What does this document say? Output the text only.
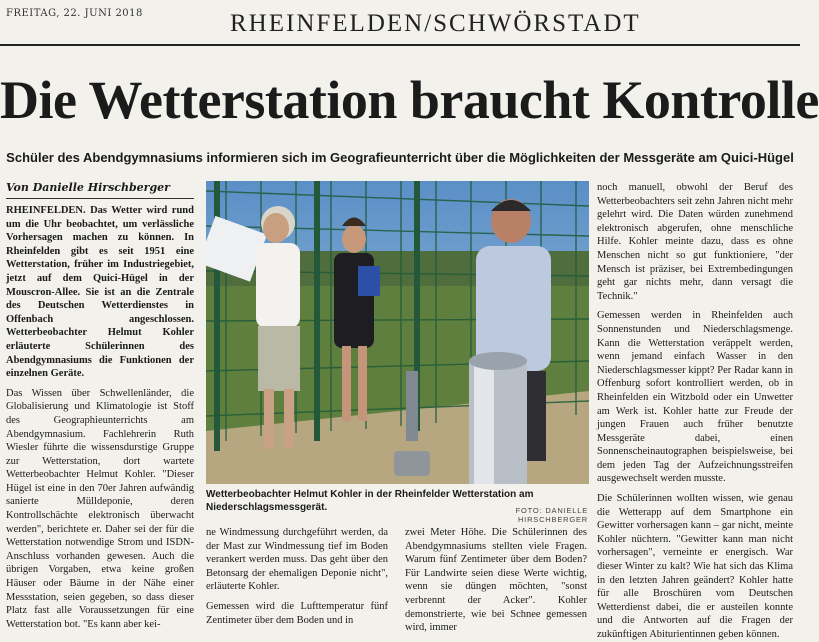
FREITAG, 22. JUNI 2018	RHEINFELDEN/SCHWÖRSTADT
Die Wetterstation braucht Kontrolle
Schüler des Abendgymnasiums informieren sich im Geografieunterricht über die Möglichkeiten der Messgeräte am Quici-Hügel
Von Danielle Hirschberger

RHEINFELDEN. Das Wetter wird rund um die Uhr beobachtet, um verlässliche Vorhersagen machen zu können. In Rheinfelden gibt es seit 1951 eine Wetterstation, früher im Industriegebiet, jetzt auf dem Quici-Hügel in der Mouscron-Allee. Sie ist an die Zentrale des Deutschen Wetterdienstes in Offenbach angeschlossen. Wetterbeobachter Helmut Kohler erläuterte Schülerinnen des Abendgymnasiums die Funktionen der einzelnen Geräte.

Das Wissen über Schwellenländer, die Globalisierung und Klimatologie ist Stoff des Geographieunterrichts am Abendgymnasium. Fachlehrerin Ruth Wiesler führte die wissensdurstige Gruppe zur Wetterstation, dort wartete Wetterbeobachter Helmut Kohler. "Dieser Hügel ist eine in den 70er Jahren aufwändig sanierte Mülldeponie, deren Kontrollschächte elektronisch überwacht werden", berichtete er. Daher sei der für die Wetterstation notwendige Strom und ISDN-Anschluss vorhanden gewesen. Auch die übrigen Vorgaben, etwa keine großen Häuser oder Bäume in der Nähe einer Messstation, seien gegeben, so dass dieser Platz fast alle Voraussetzungen für eine Wetterstation bot. "Es kann aber kei-

Wetterbeobachter Helmut Kohler in der Rheinfelder Wetterstation am Niederschlagsmessgerät.	FOTO: DANIELLE HIRSCHBERGER

ne Windmessung durchgeführt werden, da der Mast zur Windmessung tief im Boden verankert werden muss. Das geht über den Betonsarg der ehemaligen Deponie nicht", erläuterte Kohler.

Gemessen wird die Lufttemperatur fünf Zentimeter über dem Boden und in

zwei Meter Höhe. Die Schülerinnen des Abendgymnasiums stellten viele Fragen. Warum fünf Zentimeter über dem Boden? Für Landwirte seien diese Werte wichtig, wenn sie düngen möchten, "sonst verbrennt der Acker". Kohler demonstrierte, wie bei Schnee gemessen wird, immer

noch manuell, obwohl der Beruf des Wetterbeobachters seit zehn Jahren nicht mehr gelehrt wird. Die Daten würden zunehmend elektronisch abgerufen, ohne menschliche Hilfe. Kohler meinte dazu, dass es ohne Menschen nicht so gut funktioniere, "der Mensch ist präziser, bei Extrembedingungen geht gar nichts mehr, dann versagt die Technik."

Gemessen werden in Rheinfelden auch Sonnenstunden und Niederschlagsmenge. Kann die Wetterstation veräppelt werden, wenn jemand einfach Wasser in den Niederschlagsmesser kippt? Per Radar kann in Offenburg sofort kontrolliert werden, ob in Rheinfelden ein Witzbold oder ein Unwetter am Werk ist. Kohler hatte zur Freude der jungen Frauen auch früher benutzte Messgeräte dabei, einen Sonnenscheinautographen beispielsweise, bei dem jeden Tag der Aufzeichnungsstreifen ausgewechselt werden musste.

Die Schülerinnen wollten wissen, wie genau die Wetterapp auf dem Smartphone ein Gewitter vorhersagen kann – gar nicht, meinte Kohler nüchtern. "Gewitter kann man nicht vorhersagen", verneinte er energisch. War dieser Winter zu kalt? Wie hat sich das Klima in den letzten Jahren geändert? Kohler hatte für alle Broschüren vom Deutschen Wetterdienst dabei, die er austeilen konnte und die Antworten auf die Fragen der zukünftigen Abiturientinnen geben können.
